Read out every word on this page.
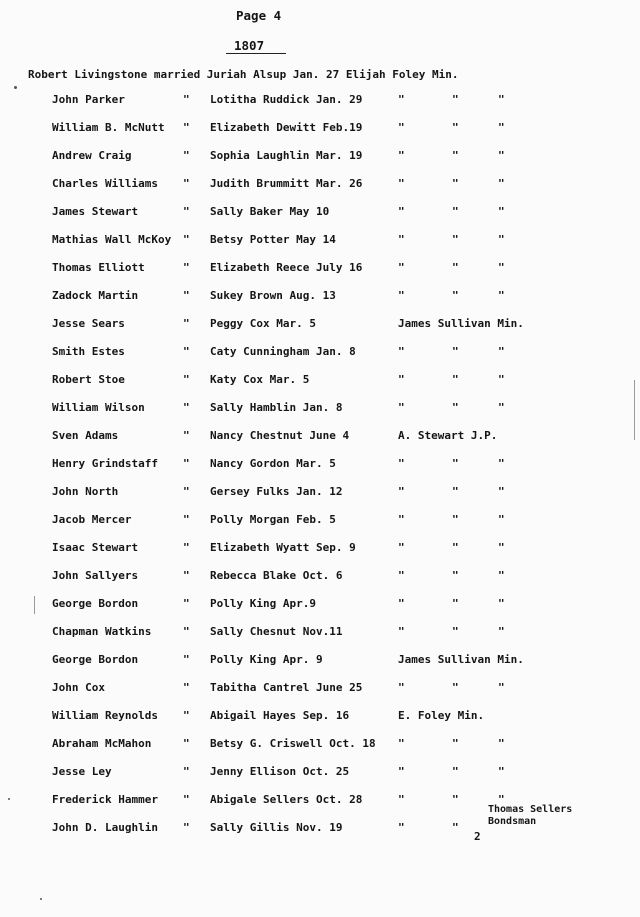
Page 4
1807
Robert Livingstone married Juriah Alsup Jan. 27 Elijah Foley Min.
John Parker	" Lotitha Ruddick Jan. 29	"	"	"
William B. McNutt " Elizabeth Dewitt Feb.19	"	"	"
Andrew Craig	" Sophia Laughlin Mar. 19	"	"	"
Charles Williams " Judith Brummitt Mar. 26	"	"	"
James Stewart	" Sally Baker May 10	"	"	"
Mathias Wall McKoy " Betsy Potter May 14	"	"	"
Thomas Elliott	" Elizabeth Reece July 16	"	"	"
Zadock Martin	" Sukey Brown Aug. 13	"	"	"
Jesse Sears	" Peggy Cox Mar. 5	James Sullivan Min.
Smith Estes	" Caty Cunningham Jan. 8	"	"	"
Robert Stoe	" Katy Cox Mar. 5	"	"	"
William Wilson	" Sally Hamblin Jan. 8	"	"	"
Sven Adams	" Nancy Chestnut June 4	A. Stewart J.P.
Henry Grindstaff " Nancy Gordon Mar. 5	"	"	"
John North	" Gersey Fulks Jan. 12	"	"	"
Jacob Mercer	" Polly Morgan Feb. 5	"	"	"
Isaac Stewart	" Elizabeth Wyatt Sep. 9	"	"	"
John Sallyers	" Rebecca Blake Oct. 6	"	"	"
George Bordon	" Polly King Apr.9	"	"	"
Chapman Watkins	" Sally Chesnut Nov.11	"	"	"
George Bordon	" Polly King Apr. 9	James Sullivan Min.
John Cox	" Tabitha Cantrel June 25	"	"	"
William Reynolds " Abigail Hayes Sep. 16	E. Foley Min.
Abraham McMahon	" Betsy G. Criswell Oct. 18 "	"	"
Jesse Ley	" Jenny Ellison Oct. 25	"	"	"
Frederick Hammer " Abigale Sellers Oct. 28	"	"	"
John D. Laughlin " Sally Gillis Nov. 19	"	"
Thomas Sellers
Bondsman
2
